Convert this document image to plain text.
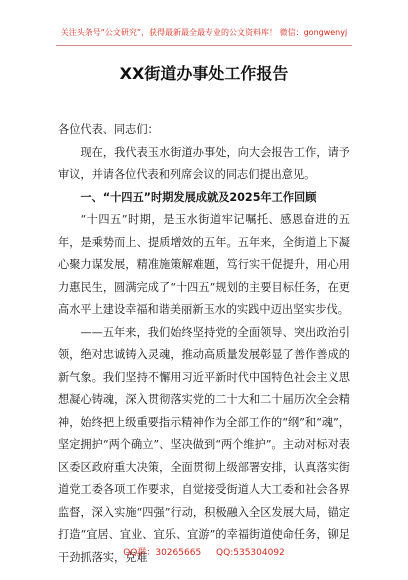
关注头条号“公文研究”，获得最新最全最专业的公文资料库！ 微信：gongwenyj
XX街道办事处工作报告

各位代表、同志们：

现在，我代表玉水街道办事处，向大会报告工作，请予审议，并请各位代表和列席会议的同志们提出意见。

一、“十四五”时期发展成就及2025年工作回顾

“十四五”时期，是玉水街道牢记嘱托、感恩奋进的五年，是乘势而上、提质增效的五年。五年来，全街道上下凝心聚力谋发展，精准施策解难题，笃行实干促提升，用心用力惠民生，圆满完成了“十四五”规划的主要目标任务，在更高水平上建设幸福和谐美丽新玉水的实践中迈出坚实步伐。

——五年来，我们始终坚持党的全面领导、突出政治引领，绝对忠诚铸入灵魂，推动高质量发展彰显了善作善成的新气象。我们坚持不懈用习近平新时代中国特色社会主义思想凝心铸魂，深入贯彻落实党的二十大和二十届历次全会精神，始终把上级重要指示精神作为全部工作的“纲”和“魂”，坚定拥护“两个确立”、坚决做到“两个维护”。主动对标对表区委区政府重大决策，全面贯彻上级部署安排，认真落实街道党工委各项工作要求，自觉接受街道人大工委和社会各界监督，深入实施“四强”行动，积极融入全区发展大局，锚定打造“宜居、宜业、宜乐、宜游”的幸福街道使命任务，铆足干劲抓落实，克难

QQ群：30265665 QQ:535304092
